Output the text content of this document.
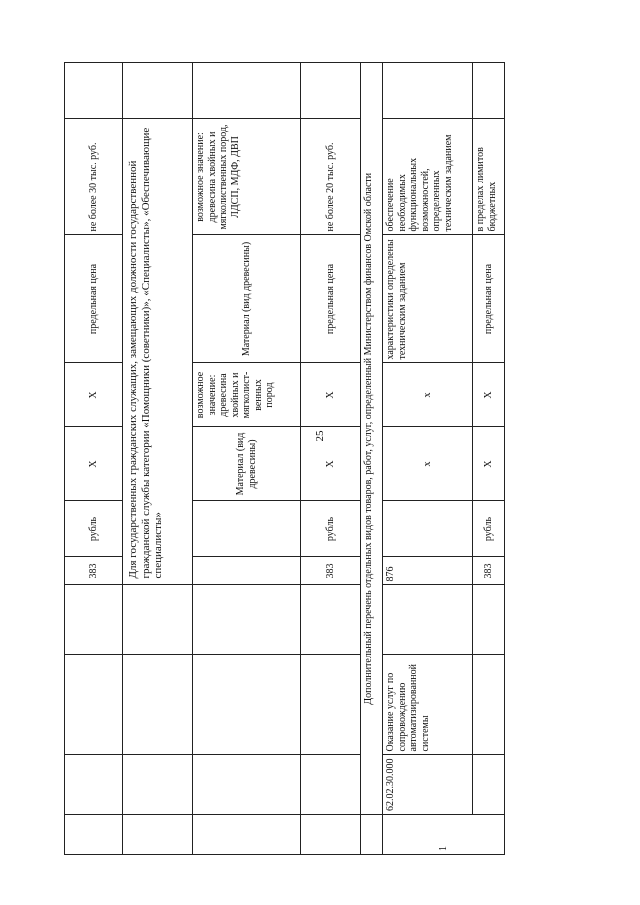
25
				383	рубль	X	X	предельная цена	не более 30 тыс. руб.	
				Для государственных гражданских служащих, замещающих должности государственной гражданской службы категории «Помощники (советники)», «Специалисты», «Обеспечивающие специалисты»						
						Материал (вид древесины)	возможное значение: древесина хвойных и мягколист-венных пород	Материал (вид древесины)	возможное значение: древесина хвойных и мягколиственных пород, ЛДСП, МДФ, ДВП	
				383	рубль	X	X	предельная цена	не более 20 тыс. руб.	
	Дополнительный перечень отдельных видов товаров, работ, услуг, определенный Министерством финансов Омской области									
1	62.02.30.000	Оказание услуг по сопровождению автоматизированной системы		876		x	x	характеристики определены техническим заданием	обеспечение необходимых функциональных возможностей, определенных техническим заданием	
				383	рубль	X	X	предельная цена	в пределах лимитов бюджетных	
